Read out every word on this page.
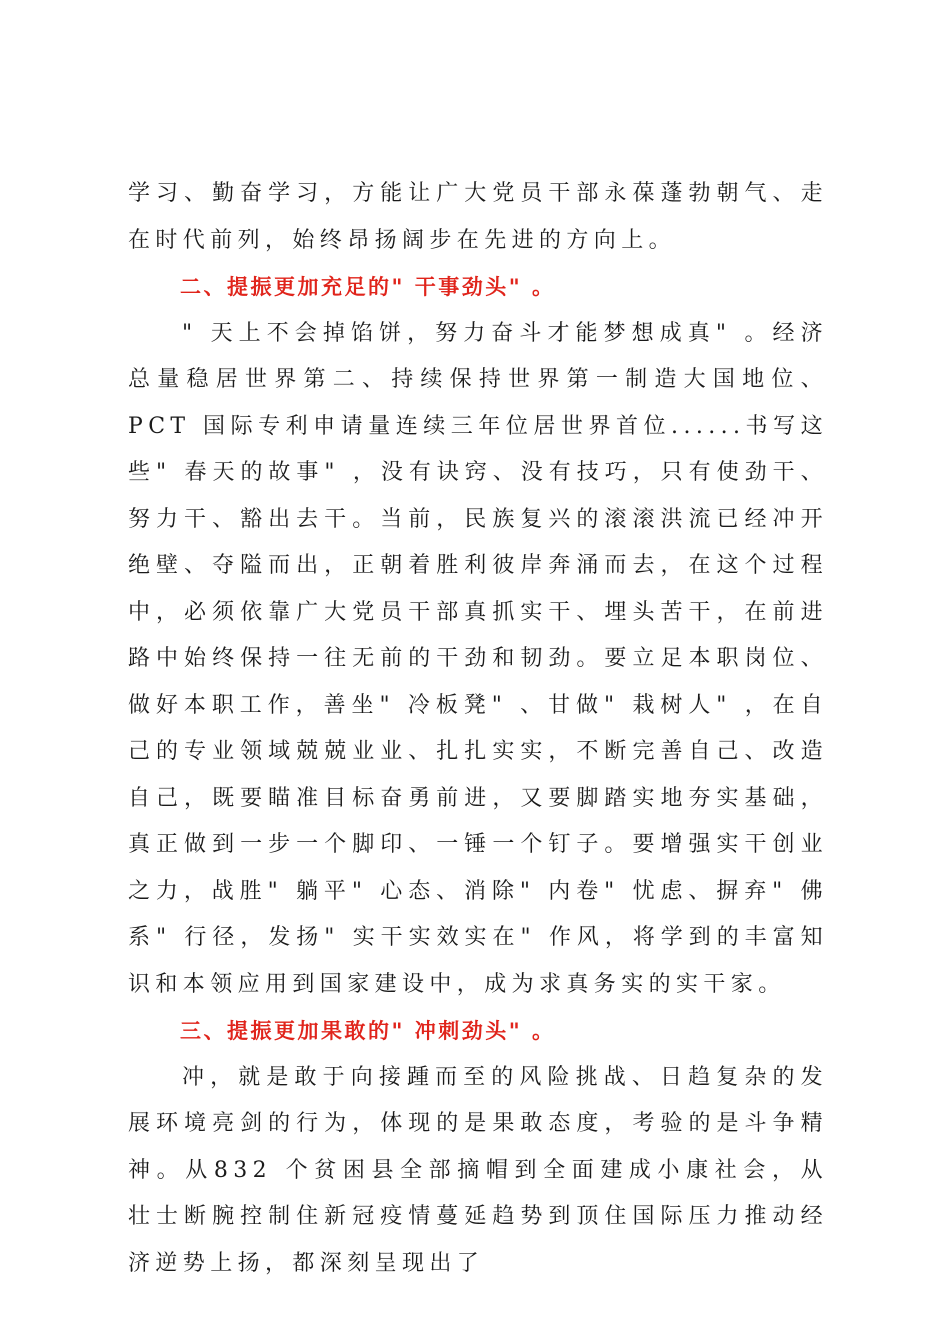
学习、勤奋学习，方能让广大党员干部永葆蓬勃朝气、走在时代前列，始终昂扬阔步在先进的方向上。

二、提振更加充足的" 干事劲头" 。

" 天上不会掉馅饼，努力奋斗才能梦想成真" 。经济总量稳居世界第二、持续保持世界第一制造大国地位、PCT 国际专利申请量连续三年位居世界首位......书写这些" 春天的故事" ，没有诀窍、没有技巧，只有使劲干、努力干、豁出去干。当前，民族复兴的滚滚洪流已经冲开绝壁、夺隘而出，正朝着胜利彼岸奔涌而去，在这个过程中，必须依靠广大党员干部真抓实干、埋头苦干，在前进路中始终保持一往无前的干劲和韧劲。要立足本职岗位、做好本职工作，善坐" 冷板凳" 、甘做" 栽树人" ，在自己的专业领域兢兢业业、扎扎实实，不断完善自己、改造自己，既要瞄准目标奋勇前进，又要脚踏实地夯实基础，真正做到一步一个脚印、一锤一个钉子。要增强实干创业之力，战胜" 躺平" 心态、消除" 内卷" 忧虑、摒弃" 佛系" 行径，发扬" 实干实效实在" 作风，将学到的丰富知识和本领应用到国家建设中，成为求真务实的实干家。

三、提振更加果敢的" 冲刺劲头" 。

冲，就是敢于向接踵而至的风险挑战、日趋复杂的发展环境亮剑的行为，体现的是果敢态度，考验的是斗争精神。从832 个贫困县全部摘帽到全面建成小康社会，从壮士断腕控制住新冠疫情蔓延趋势到顶住国际压力推动经济逆势上扬，都深刻呈现出了
